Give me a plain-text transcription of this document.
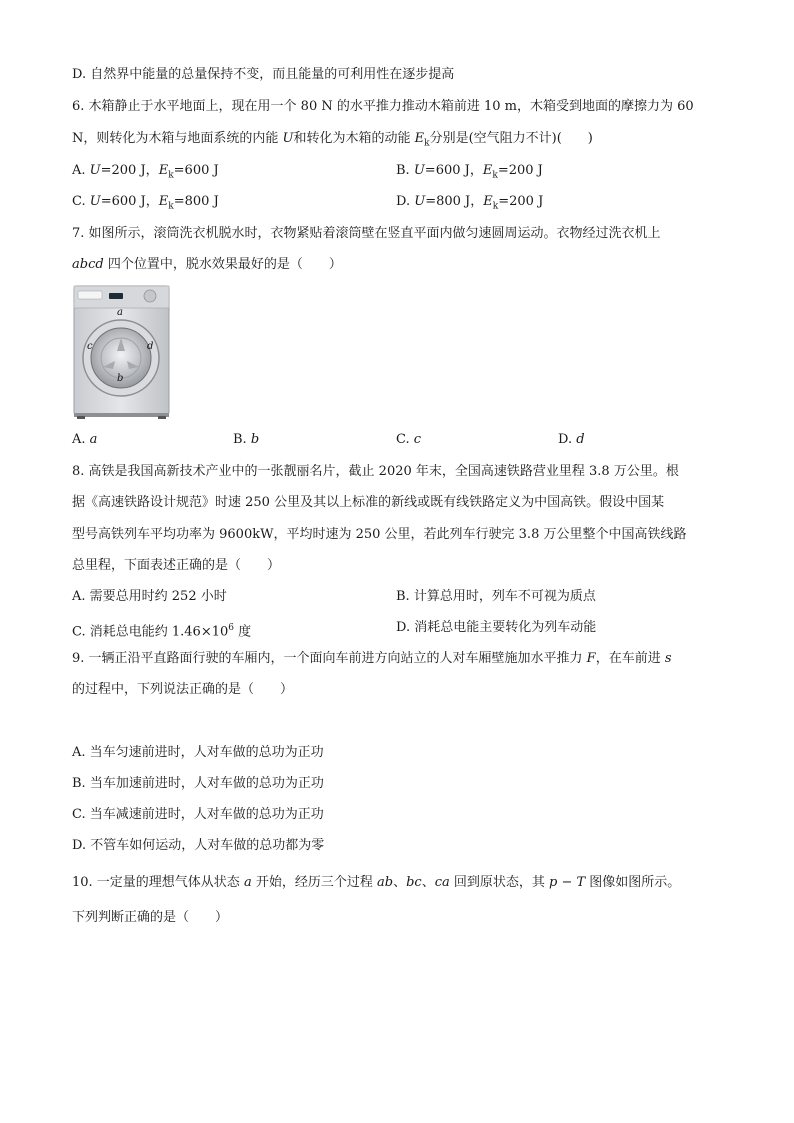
D. 自然界中能量的总量保持不变，而且能量的可利用性在逐步提高
6. 木箱静止于水平地面上，现在用一个 80 N 的水平推力推动木箱前进 10 m，木箱受到地面的摩擦力为 60
N，则转化为木箱与地面系统的内能 U和转化为木箱的动能 $E_k$分别是(空气阻力不计)(　　)
A. U=200 J，$E_k=600$ J	B. U=600 J，$E_k=200$ J
C. U=600 J，$E_k=800$ J	D. U=800 J，$E_k=200$ J
7. 如图所示，滚筒洗衣机脱水时，衣物紧贴着滚筒壁在竖直平面内做匀速圆周运动。衣物经过洗衣机上
abcd 四个位置中，脱水效果最好的是（　　）
a
c	d
b
A. a	B. b	C. c	D. d
8. 高铁是我国高新技术产业中的一张靓丽名片，截止 2020 年末，全国高速铁路营业里程 3.8 万公里。根
据《高速铁路设计规范》时速 250 公里及其以上标准的新线或既有线铁路定义为中国高铁。假设中国某
型号高铁列车平均功率为 9600kW，平均时速为 250 公里，若此列车行驶完 3.8 万公里整个中国高铁线路
总里程，下面表述正确的是（　　）
A. 需要总用时约 252 小时	B. 计算总用时，列车不可视为质点
C. 消耗总电能约 $1.46\times 10^6$ 度	D. 消耗总电能主要转化为列车动能
9. 一辆正沿平直路面行驶的车厢内，一个面向车前进方向站立的人对车厢壁施加水平推力 F，在车前进 s
的过程中，下列说法正确的是（　　）
A. 当车匀速前进时，人对车做的总功为正功
B. 当车加速前进时，人对车做的总功为正功
C. 当车减速前进时，人对车做的总功为正功
D. 不管车如何运动，人对车做的总功都为零
10. 一定量的理想气体从状态 a 开始，经历三个过程 ab、bc、ca 回到原状态，其 p − T 图像如图所示。
下列判断正确的是（　　）
